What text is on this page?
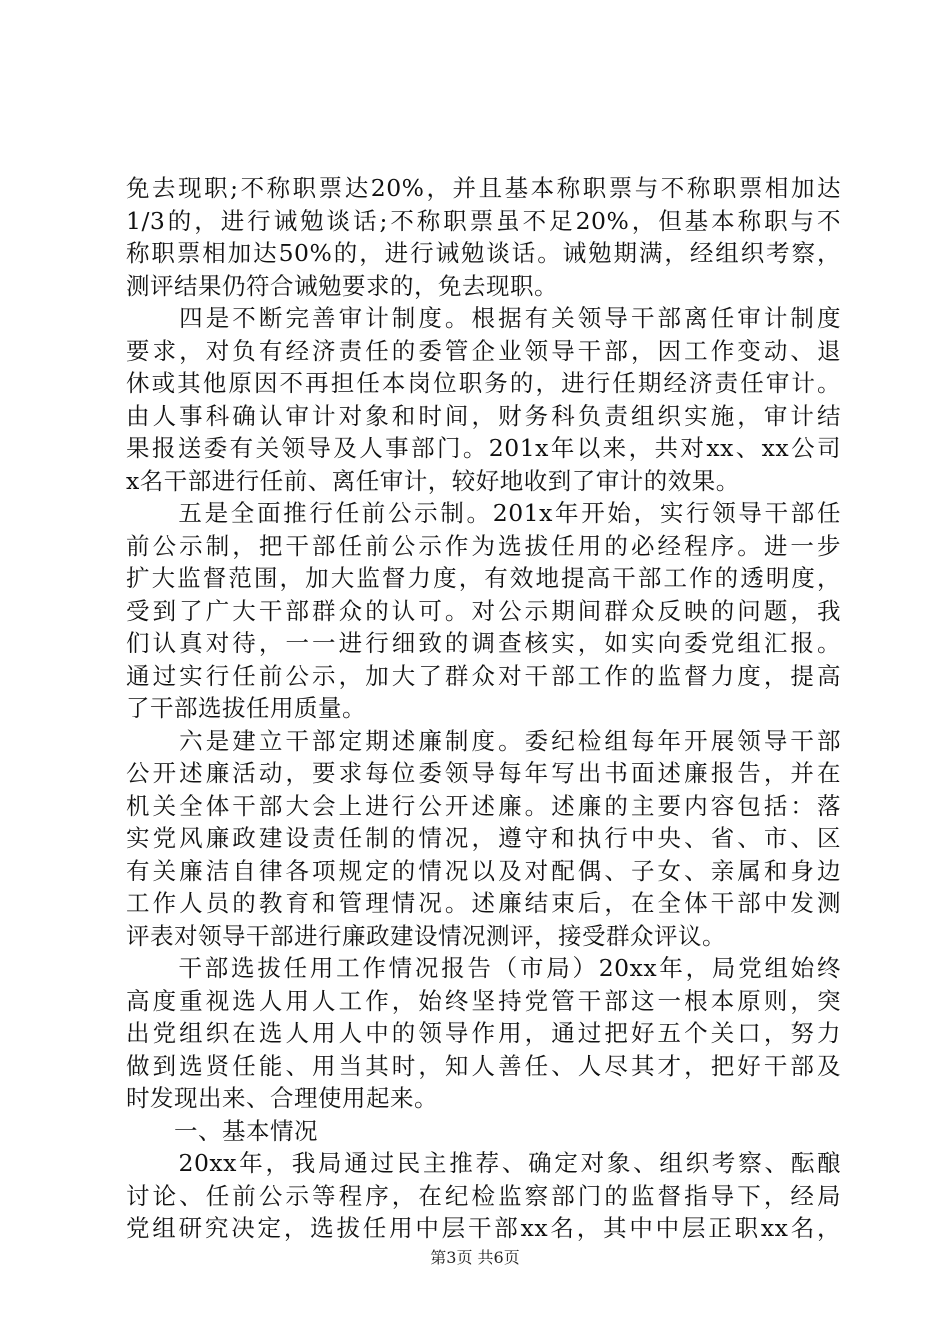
免去现职;不称职票达20%，并且基本称职票与不称职票相加达
1/3的，进行诫勉谈话;不称职票虽不足20%，但基本称职与不
称职票相加达50%的，进行诫勉谈话。诫勉期满，经组织考察，
测评结果仍符合诫勉要求的，免去现职。
　　四是不断完善审计制度。根据有关领导干部离任审计制度
要求，对负有经济责任的委管企业领导干部，因工作变动、退
休或其他原因不再担任本岗位职务的，进行任期经济责任审计。
由人事科确认审计对象和时间，财务科负责组织实施，审计结
果报送委有关领导及人事部门。201x年以来，共对xx、xx公司
x名干部进行任前、离任审计，较好地收到了审计的效果。
　　五是全面推行任前公示制。201x年开始，实行领导干部任
前公示制，把干部任前公示作为选拔任用的必经程序。进一步
扩大监督范围，加大监督力度，有效地提高干部工作的透明度，
受到了广大干部群众的认可。对公示期间群众反映的问题，我
们认真对待，一一进行细致的调查核实，如实向委党组汇报。
通过实行任前公示，加大了群众对干部工作的监督力度，提高
了干部选拔任用质量。
　　六是建立干部定期述廉制度。委纪检组每年开展领导干部
公开述廉活动，要求每位委领导每年写出书面述廉报告，并在
机关全体干部大会上进行公开述廉。述廉的主要内容包括：落
实党风廉政建设责任制的情况，遵守和执行中央、省、市、区
有关廉洁自律各项规定的情况以及对配偶、子女、亲属和身边
工作人员的教育和管理情况。述廉结束后，在全体干部中发测
评表对领导干部进行廉政建设情况测评，接受群众评议。
　　干部选拔任用工作情况报告（市局）20xx年，局党组始终
高度重视选人用人工作，始终坚持党管干部这一根本原则，突
出党组织在选人用人中的领导作用，通过把好五个关口，努力
做到选贤任能、用当其时，知人善任、人尽其才，把好干部及
时发现出来、合理使用起来。
　　一、基本情况
　　20xx年，我局通过民主推荐、确定对象、组织考察、酝酿
讨论、任前公示等程序，在纪检监察部门的监督指导下，经局
党组研究决定，选拔任用中层干部xx名，其中中层正职xx名，
第3页 共6页
